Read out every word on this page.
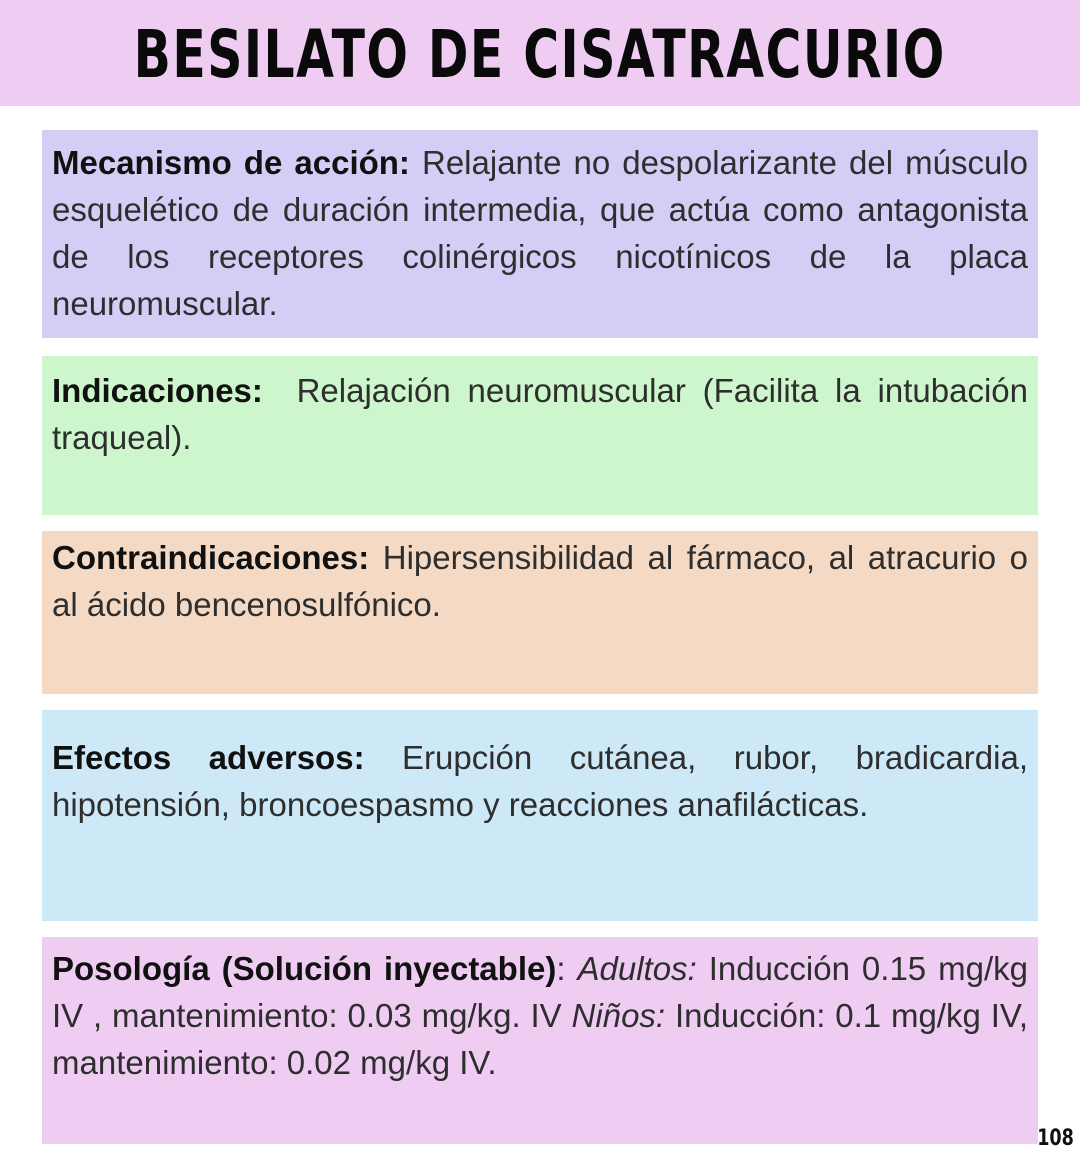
BESILATO DE CISATRACURIO
Mecanismo de acción: Relajante no despolarizante del músculo esquelético de duración intermedia, que actúa como antagonista de los receptores colinérgicos nicotínicos de la placa neuromuscular.
Indicaciones: Relajación neuromuscular (Facilita la intubación traqueal).
Contraindicaciones: Hipersensibilidad al fármaco, al atracurio o al ácido bencenosulfónico.
Efectos adversos: Erupción cutánea, rubor, bradicardia, hipotensión, broncoespasmo y reacciones anafilácticas.
Posología (Solución inyectable): Adultos: Inducción 0.15 mg/kg IV , mantenimiento: 0.03 mg/kg. IV Niños: Inducción: 0.1 mg/kg IV, mantenimiento: 0.02 mg/kg IV.
108
